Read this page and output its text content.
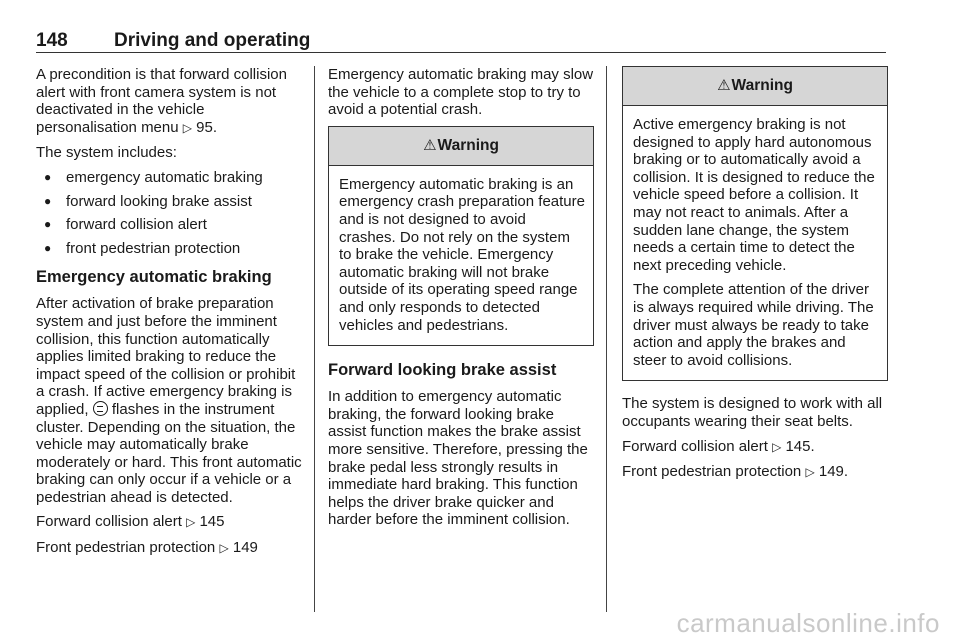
148 Driving and operating

A precondition is that forward collision alert with front camera system is not deactivated in the vehicle personalisation menu ▷ 95.

The system includes:

● emergency automatic braking
● forward looking brake assist
● forward collision alert
● front pedestrian protection
Emergency automatic braking

After activation of brake preparation system and just before the imminent collision, this function automatically applies limited braking to reduce the impact speed of the collision or prohibit a crash. If active emergency braking is applied, flashes in the instrument cluster. Depending on the situation, the vehicle may automatically brake moderately or hard. This front automatic braking can only occur if a vehicle or a pedestrian ahead is detected.

Forward collision alert ▷ 145

Front pedestrian protection ▷ 149

Emergency automatic braking may slow the vehicle to a complete stop to try to avoid a potential crash.

⚠ Warning

Emergency automatic braking is an emergency crash preparation feature and is not designed to avoid crashes. Do not rely on the system to brake the vehicle. Emergency automatic braking will not brake outside of its operating speed range and only responds to detected vehicles and pedestrians.

Forward looking brake assist

In addition to emergency automatic braking, the forward looking brake assist function makes the brake assist more sensitive. Therefore, pressing the brake pedal less strongly results in immediate hard braking. This function helps the driver brake quicker and harder before the imminent collision.

⚠ Warning

Active emergency braking is not designed to apply hard autonomous braking or to automatically avoid a collision. It is designed to reduce the vehicle speed before a collision. It may not react to animals. After a sudden lane change, the system needs a certain time to detect the next preceding vehicle.

The complete attention of the driver is always required while driving. The driver must always be ready to take action and apply the brakes and steer to avoid collisions.

The system is designed to work with all occupants wearing their seat belts.

Forward collision alert ▷ 145.

Front pedestrian protection ▷ 149.

carmanualsonline.info
